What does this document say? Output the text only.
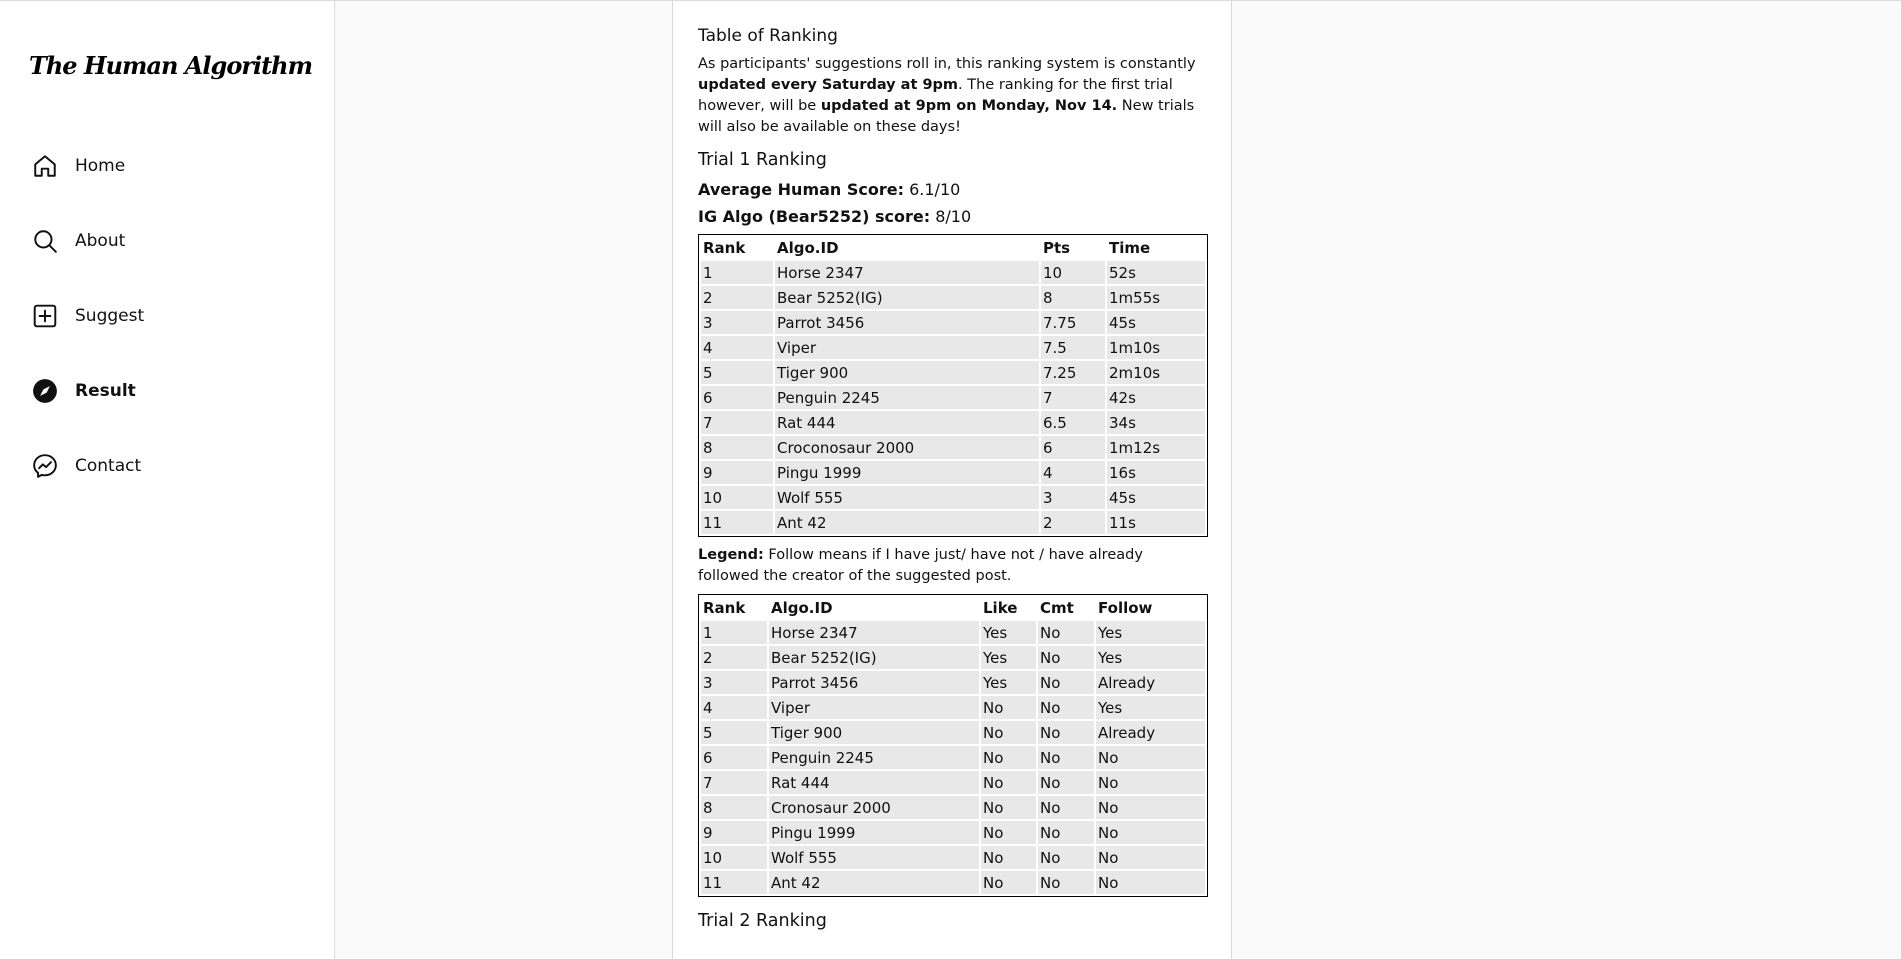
The Human Algorithm
Home
About
Suggest
Result
Contact
Table of Ranking

As participants' suggestions roll in, this ranking system is constantly updated every Saturday at 9pm. The ranking for the first trial however, will be updated at 9pm on Monday, Nov 14. New trials will also be available on these days!

Trial 1 Ranking
Average Human Score: 6.1/10
IG Algo (Bear5252) score: 8/10
Rank	Algo.ID	Pts	Time
1	Horse 2347	10	52s
2	Bear 5252(IG)	8	1m55s
3	Parrot 3456	7.75	45s
4	Viper	7.5	1m10s
5	Tiger 900	7.25	2m10s
6	Penguin 2245	7	42s
7	Rat 444	6.5	34s
8	Croconosaur 2000	6	1m12s
9	Pingu 1999	4	16s
10	Wolf 555	3	45s
11	Ant 42	2	11s

Legend: Follow means if I have just/ have not / have already followed the creator of the suggested post.

Rank	Algo.ID	Like	Cmt	Follow
1	Horse 2347	Yes	No	Yes
2	Bear 5252(IG)	Yes	No	Yes
3	Parrot 3456	Yes	No	Already
4	Viper	No	No	Yes
5	Tiger 900	No	No	Already
6	Penguin 2245	No	No	No
7	Rat 444	No	No	No
8	Cronosaur 2000	No	No	No
9	Pingu 1999	No	No	No
10	Wolf 555	No	No	No
11	Ant 42	No	No	No
Trial 2 Ranking
